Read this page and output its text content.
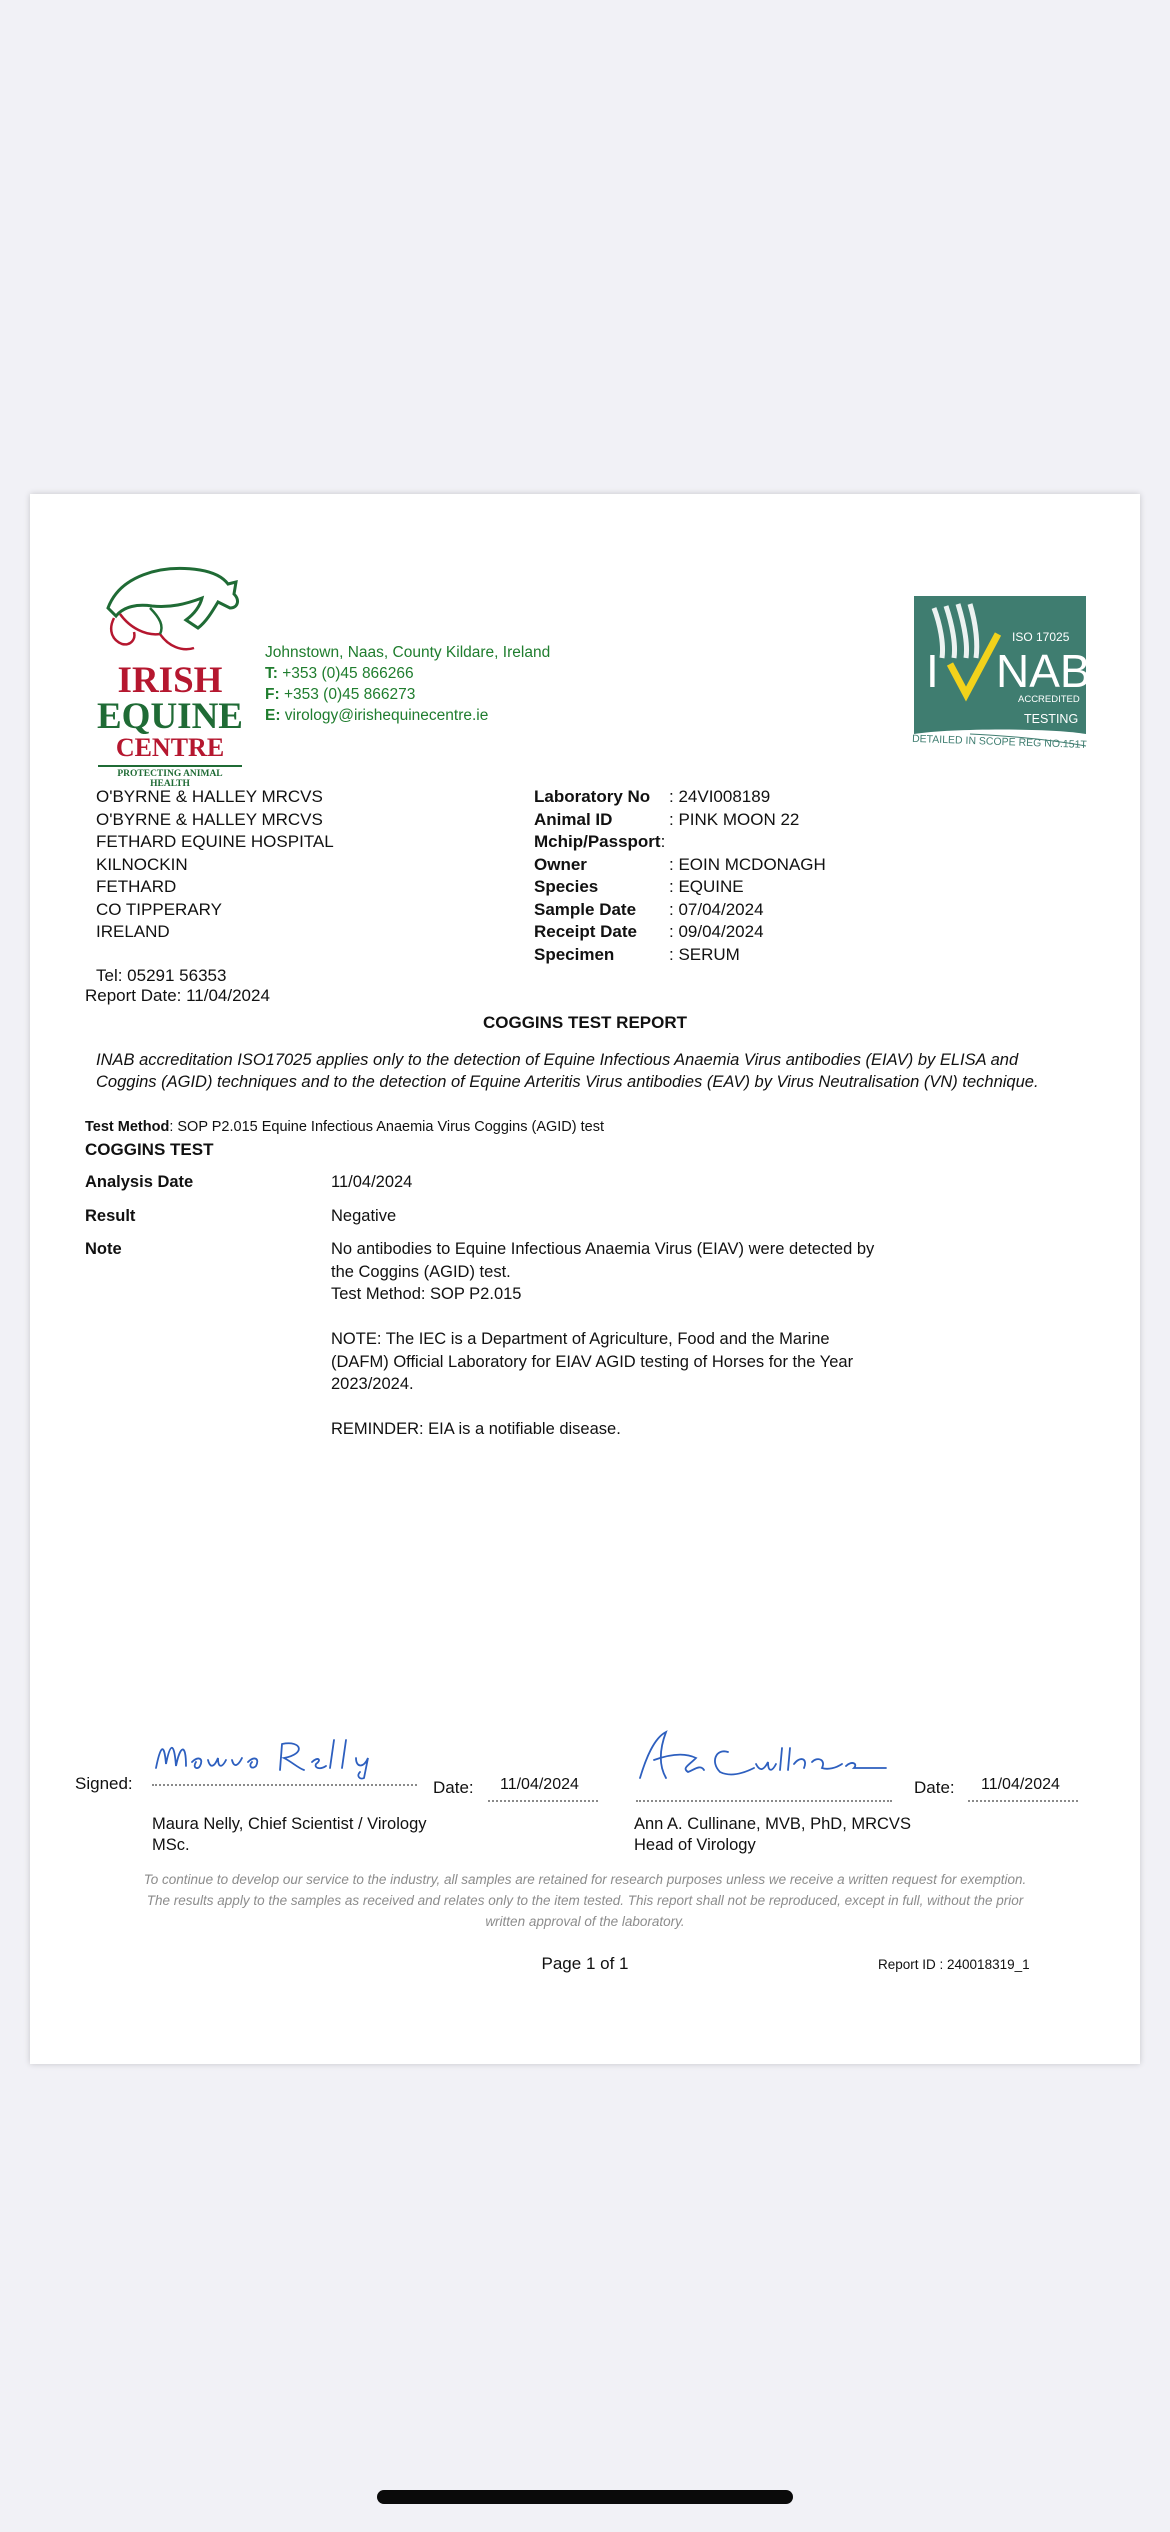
IRISH
EQUINE
CENTRE
PROTECTING ANIMAL HEALTH
Johnstown, Naas, County Kildare, Ireland
T: +353 (0)45 866266
F: +353 (0)45 866273
E: virology@irishequinecentre.ie
ISO 17025
I NAB
ACCREDITED
TESTING
DETAILED IN SCOPE REG NO.151T
O'BYRNE & HALLEY MRCVS
O'BYRNE & HALLEY MRCVS
FETHARD EQUINE HOSPITAL
KILNOCKIN
FETHARD
CO TIPPERARY
IRELAND
Tel: 05291 56353
Report Date: 11/04/2024
Laboratory No	: 24VI008189
Animal ID	: PINK MOON 22
Mchip/Passport :
Owner	: EOIN MCDONAGH
Species	: EQUINE
Sample Date	: 07/04/2024
Receipt Date	: 09/04/2024
Specimen	: SERUM
COGGINS TEST REPORT
INAB accreditation ISO17025 applies only to the detection of Equine Infectious Anaemia Virus antibodies (EIAV) by ELISA and Coggins (AGID) techniques and to the detection of Equine Arteritis Virus antibodies (EAV) by Virus Neutralisation (VN) technique.
Test Method: SOP P2.015 Equine Infectious Anaemia Virus Coggins (AGID) test
COGGINS TEST
Analysis Date	11/04/2024
Result	Negative
Note	No antibodies to Equine Infectious Anaemia Virus (EIAV) were detected by
the Coggins (AGID) test.
Test Method: SOP P2.015
NOTE: The IEC is a Department of Agriculture, Food and the Marine
(DAFM) Official Laboratory for EIAV AGID testing of Horses for the Year
2023/2024.
REMINDER: EIA is a notifiable disease.
Signed:	Date: 11/04/2024
Maura Nelly, Chief Scientist / Virology
MSc.
Date: 11/04/2024
Ann A. Cullinane, MVB, PhD, MRCVS
Head of Virology
To continue to develop our service to the industry, all samples are retained for research purposes unless we receive a written request for exemption.
The results apply to the samples as received and relates only to the item tested. This report shall not be reproduced, except in full, without the prior written approval of the laboratory.
Page 1 of 1	Report ID : 240018319_1
